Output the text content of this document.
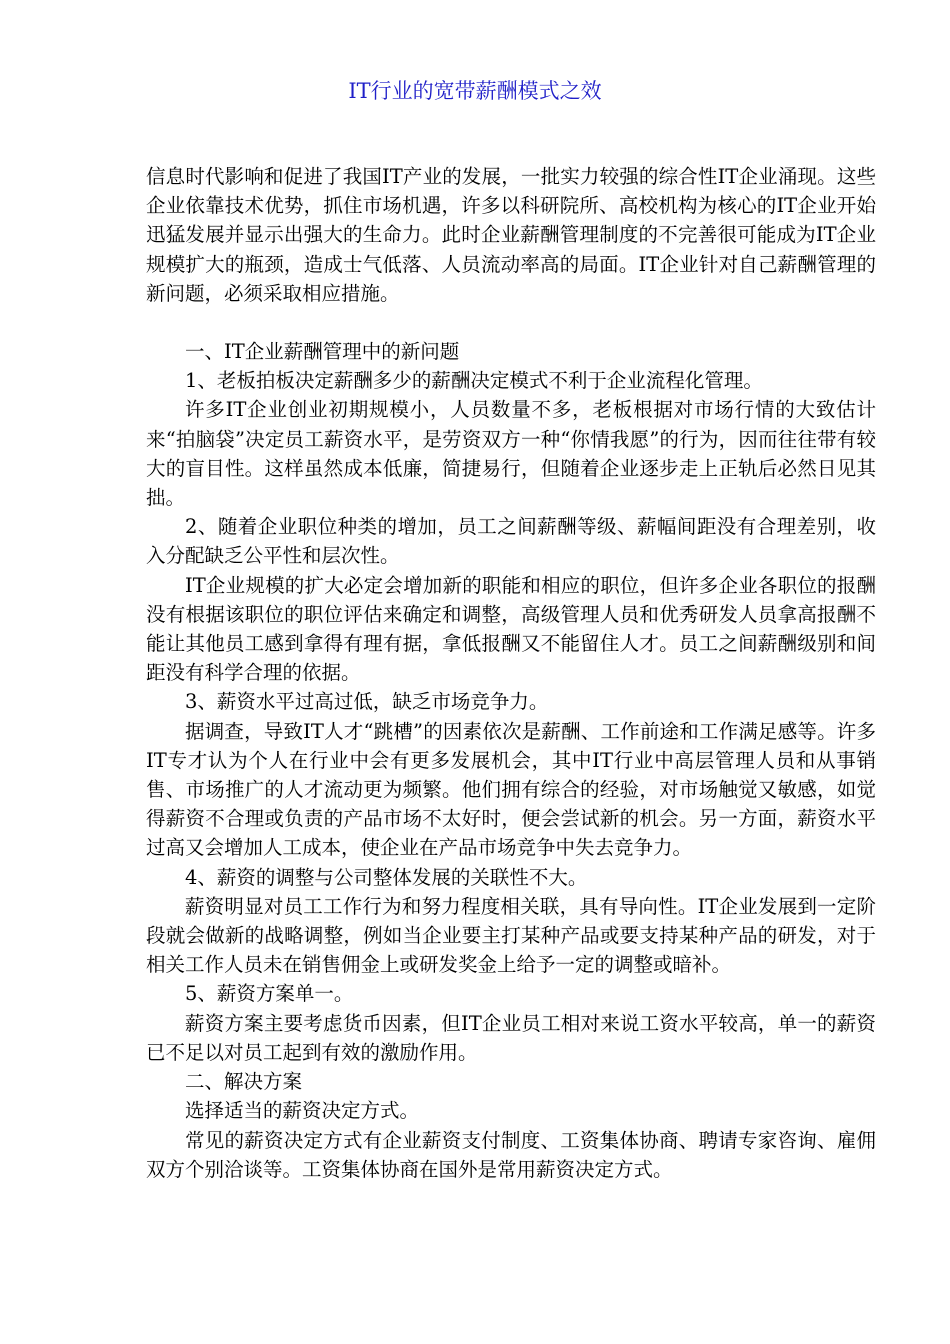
IT行业的宽带薪酬模式之效

信息时代影响和促进了我国IT产业的发展，一批实力较强的综合性IT企业涌现。这些企业依靠技术优势，抓住市场机遇，许多以科研院所、高校机构为核心的IT企业开始迅猛发展并显示出强大的生命力。此时企业薪酬管理制度的不完善很可能成为IT企业规模扩大的瓶颈，造成士气低落、人员流动率高的局面。IT企业针对自己薪酬管理的新问题，必须采取相应措施。

一、IT企业薪酬管理中的新问题

1、老板拍板决定薪酬多少的薪酬决定模式不利于企业流程化管理。

许多IT企业创业初期规模小，人员数量不多，老板根据对市场行情的大致估计来“拍脑袋”决定员工薪资水平，是劳资双方一种“你情我愿”的行为，因而往往带有较大的盲目性。这样虽然成本低廉，简捷易行，但随着企业逐步走上正轨后必然日见其拙。

2、随着企业职位种类的增加，员工之间薪酬等级、薪幅间距没有合理差别，收入分配缺乏公平性和层次性。

IT企业规模的扩大必定会增加新的职能和相应的职位，但许多企业各职位的报酬没有根据该职位的职位评估来确定和调整，高级管理人员和优秀研发人员拿高报酬不能让其他员工感到拿得有理有据，拿低报酬又不能留住人才。员工之间薪酬级别和间距没有科学合理的依据。

3、薪资水平过高过低，缺乏市场竞争力。

据调查，导致IT人才“跳槽”的因素依次是薪酬、工作前途和工作满足感等。许多IT专才认为个人在行业中会有更多发展机会，其中IT行业中高层管理人员和从事销售、市场推广的人才流动更为频繁。他们拥有综合的经验，对市场触觉又敏感，如觉得薪资不合理或负责的产品市场不太好时，便会尝试新的机会。另一方面，薪资水平过高又会增加人工成本，使企业在产品市场竞争中失去竞争力。

4、薪资的调整与公司整体发展的关联性不大。

薪资明显对员工工作行为和努力程度相关联，具有导向性。IT企业发展到一定阶段就会做新的战略调整，例如当企业要主打某种产品或要支持某种产品的研发，对于相关工作人员未在销售佣金上或研发奖金上给予一定的调整或暗补。

5、薪资方案单一。

薪资方案主要考虑货币因素，但IT企业员工相对来说工资水平较高，单一的薪资已不足以对员工起到有效的激励作用。

二、解决方案

选择适当的薪资决定方式。

常见的薪资决定方式有企业薪资支付制度、工资集体协商、聘请专家咨询、雇佣双方个别洽谈等。工资集体协商在国外是常用薪资决定方式。
